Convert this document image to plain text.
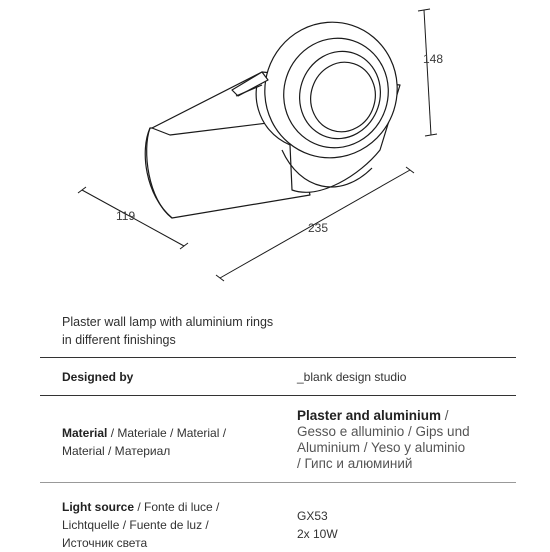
148
119
235
Plaster wall lamp with aluminium rings
in different finishings
Designed by	_blank design studio
Material / Materiale / Material /
Material / Материал
Plaster and aluminium /
Gesso e alluminio / Gips und
Aluminium / Yeso y aluminio
/ Гипс и алюминий
Light source / Fonte di luce /
Lichtquelle / Fuente de luz /
Источник света
GX53
2x 10W
